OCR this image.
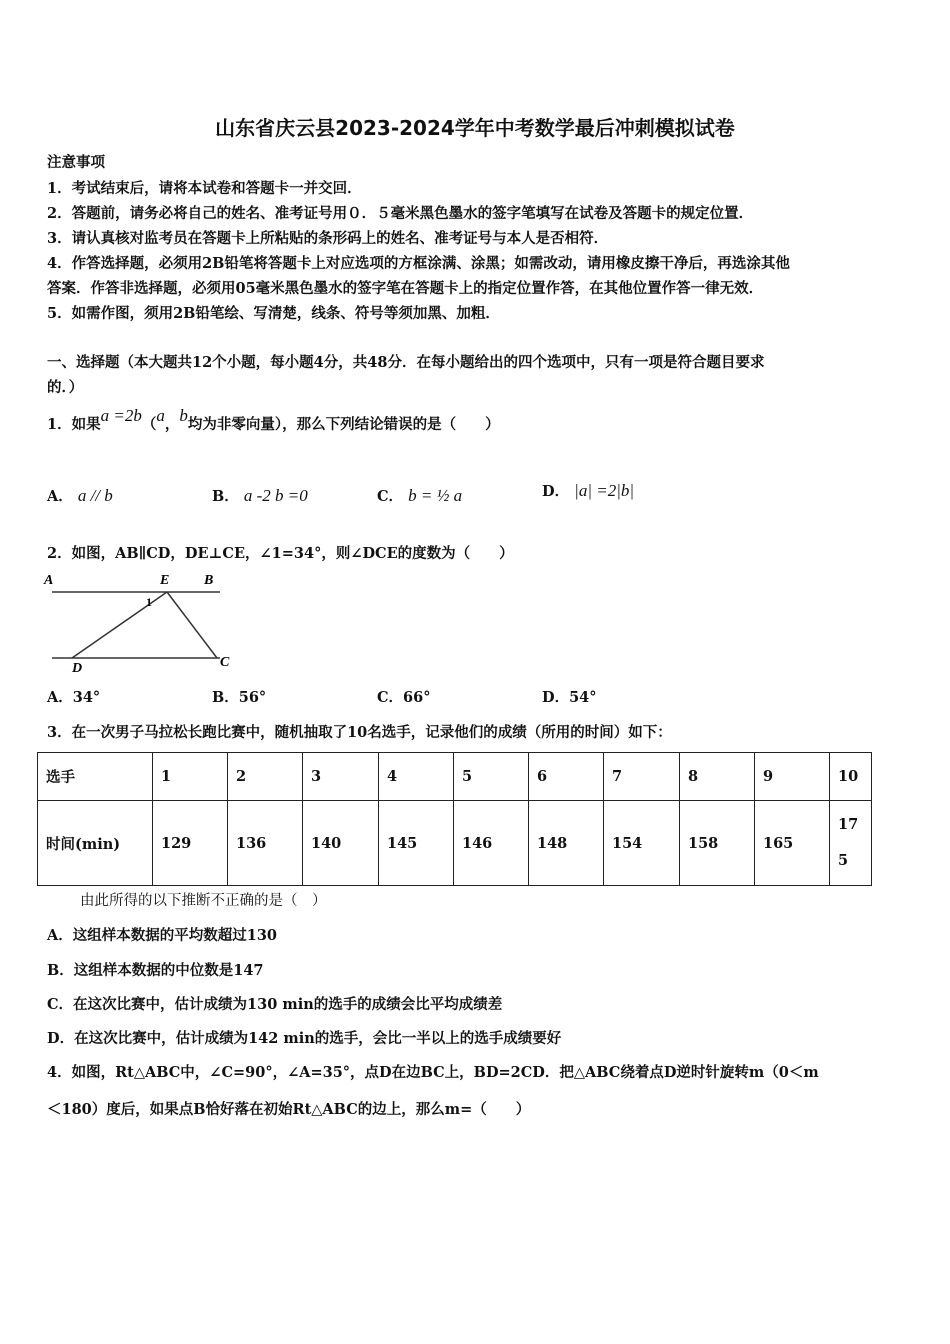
山东省庆云县2023-2024学年中考数学最后冲刺模拟试卷
注意事项
1．考试结束后，请将本试卷和答题卡一并交回．
2．答题前，请务必将自己的姓名、准考证号用０．５毫米黑色墨水的签字笔填写在试卷及答题卡的规定位置．
3．请认真核对监考员在答题卡上所粘贴的条形码上的姓名、准考证号与本人是否相符．
4．作答选择题，必须用2B铅笔将答题卡上对应选项的方框涂满、涂黑；如需改动，请用橡皮擦干净后，再选涂其他
答案．作答非选择题，必须用05毫米黑色墨水的签字笔在答题卡上的指定位置作答，在其他位置作答一律无效．
5．如需作图，须用2B铅笔绘、写清楚，线条、符号等须加黑、加粗．
一、选择题（本大题共12个小题，每小题4分，共48分．在每小题给出的四个选项中，只有一项是符合题目要求
的．）
1．如果a =2b（a，b均为非零向量），那么下列结论错误的是（　　）
A． a // b	B． a -2 b =0	C． b = ½ a	D． |a| =2|b|
2．如图，AB∥CD，DE⊥CE，∠1=34°，则∠DCE的度数为（　　）
A	E B
1
D	C
A．34°	B．56°	C．66°	D．54°
3．在一次男子马拉松长跑比赛中，随机抽取了10名选手，记录他们的成绩（所用的时间）如下：
选手	1	2	3	4	5	6	7	8	9	10
时间(min)	129	136	140	145	146	148	154	158	165	175
由此所得的以下推断不正确的是（　）
A．这组样本数据的平均数超过130
B．这组样本数据的中位数是147
C．在这次比赛中，估计成绩为130 min的选手的成绩会比平均成绩差
D．在这次比赛中，估计成绩为142 min的选手，会比一半以上的选手成绩要好
4．如图，Rt△ABC中，∠C=90°，∠A=35°，点D在边BC上，BD=2CD．把△ABC绕着点D逆时针旋转m（0＜m
＜180）度后，如果点B恰好落在初始Rt△ABC的边上，那么m=（　　）
